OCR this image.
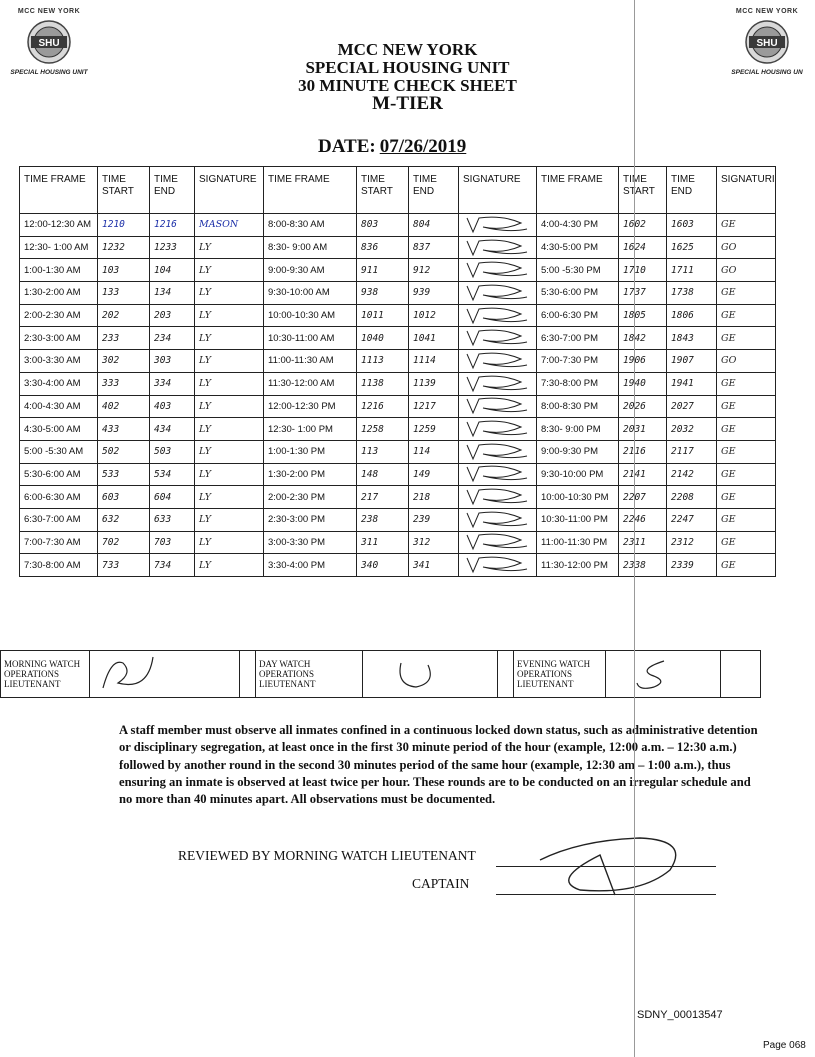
MCC NEW YORK
SHU
SPECIAL HOUSING UNIT
MCC NEW YORK
SHU
SPECIAL HOUSING UN
MCC NEW YORK
SPECIAL HOUSING UNIT
30 MINUTE CHECK SHEET
M-TIER
DATE: 07/26/2019
TIME FRAME	TIME START	TIME END	SIGNATURE	TIME FRAME	TIME START	TIME END	SIGNATURE	TIME FRAME	TIME START	TIME END	SIGNATURI
12:00-12:30 AM	1210	1216	MASON	8:00-8:30 AM	803	804		4:00-4:30 PM	1602	1603	GE
12:30- 1:00 AM	1232	1233	LY	8:30- 9:00 AM	836	837		4:30-5:00 PM	1624	1625	GO
1:00-1:30 AM	103	104	LY	9:00-9:30 AM	911	912		5:00 -5:30 PM	1710	1711	GO
1:30-2:00 AM	133	134	LY	9:30-10:00 AM	938	939		5:30-6:00 PM	1737	1738	GE
2:00-2:30 AM	202	203	LY	10:00-10:30 AM	1011	1012		6:00-6:30 PM	1805	1806	GE
2:30-3:00 AM	233	234	LY	10:30-11:00 AM	1040	1041		6:30-7:00 PM	1842	1843	GE
3:00-3:30 AM	302	303	LY	11:00-11:30 AM	1113	1114		7:00-7:30 PM	1906	1907	GO
3:30-4:00 AM	333	334	LY	11:30-12:00 AM	1138	1139		7:30-8:00 PM	1940	1941	GE
4:00-4:30 AM	402	403	LY	12:00-12:30 PM	1216	1217		8:00-8:30 PM	2026	2027	GE
4:30-5:00 AM	433	434	LY	12:30- 1:00 PM	1258	1259		8:30- 9:00 PM	2031	2032	GE
5:00 -5:30 AM	502	503	LY	1:00-1:30 PM	113	114		9:00-9:30 PM	2116	2117	GE
5:30-6:00 AM	533	534	LY	1:30-2:00 PM	148	149		9:30-10:00 PM	2141	2142	GE
6:00-6:30 AM	603	604	LY	2:00-2:30 PM	217	218		10:00-10:30 PM	2207	2208	GE
6:30-7:00 AM	632	633	LY	2:30-3:00 PM	238	239		10:30-11:00 PM	2246	2247	GE
7:00-7:30 AM	702	703	LY	3:00-3:30 PM	311	312		11:00-11:30 PM	2311	2312	GE
7:30-8:00 AM	733	734	LY	3:30-4:00 PM	340	341		11:30-12:00 PM	2338	2339	GE
MORNING WATCH OPERATIONS LIEUTENANT			DAY WATCH OPERATIONS LIEUTENANT			EVENING WATCH OPERATIONS LIEUTENANT		
A staff member must observe all inmates confined in a continuous locked down status, such as administrative detention or disciplinary segregation, at least once in the first 30 minute period of the hour (example, 12:00 a.m. – 12:30 a.m.) followed by another round in the second 30 minutes period of the same hour (example, 12:30 am – 1:00 a.m.), thus ensuring an inmate is observed at least twice per hour. These rounds are to be conducted on an irregular schedule and no more than 40 minutes apart. All observations must be documented.
REVIEWED BY MORNING WATCH LIEUTENANT
CAPTAIN
SDNY_00013547
Page 068
